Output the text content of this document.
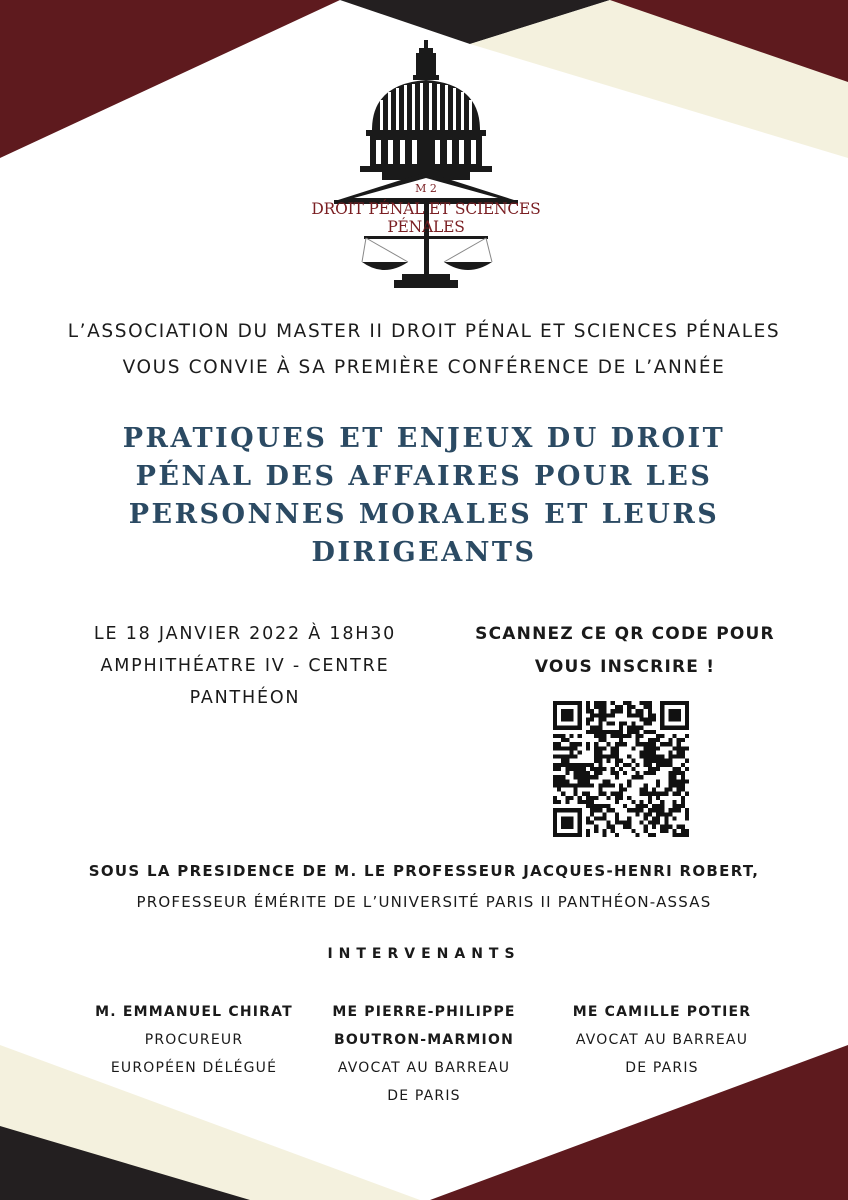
M 2
DROIT PÉNAL ET SCIENCES PÉNALES
L’ASSOCIATION DU MASTER II DROIT PÉNAL ET SCIENCES PÉNALES
VOUS CONVIE À SA PREMIÈRE CONFÉRENCE DE L’ANNÉE
PRATIQUES ET ENJEUX DU DROIT
PÉNAL DES AFFAIRES POUR LES
PERSONNES MORALES ET LEURS
DIRIGEANTS
LE 18 JANVIER 2022 À 18H30
AMPHITHÉATRE IV - CENTRE
PANTHÉON
SCANNEZ CE QR CODE POUR
VOUS INSCRIRE !
SOUS LA PRESIDENCE DE M. LE PROFESSEUR JACQUES-HENRI ROBERT,
PROFESSEUR ÉMÉRITE DE L’UNIVERSITÉ PARIS II PANTHÉON-ASSAS
INTERVENANTS
M. EMMANUEL CHIRAT
PROCUREUR
EUROPÉEN DÉLÉGUÉ
ME PIERRE-PHILIPPE
BOUTRON-MARMION
AVOCAT AU BARREAU
DE PARIS
ME CAMILLE POTIER
AVOCAT AU BARREAU
DE PARIS
